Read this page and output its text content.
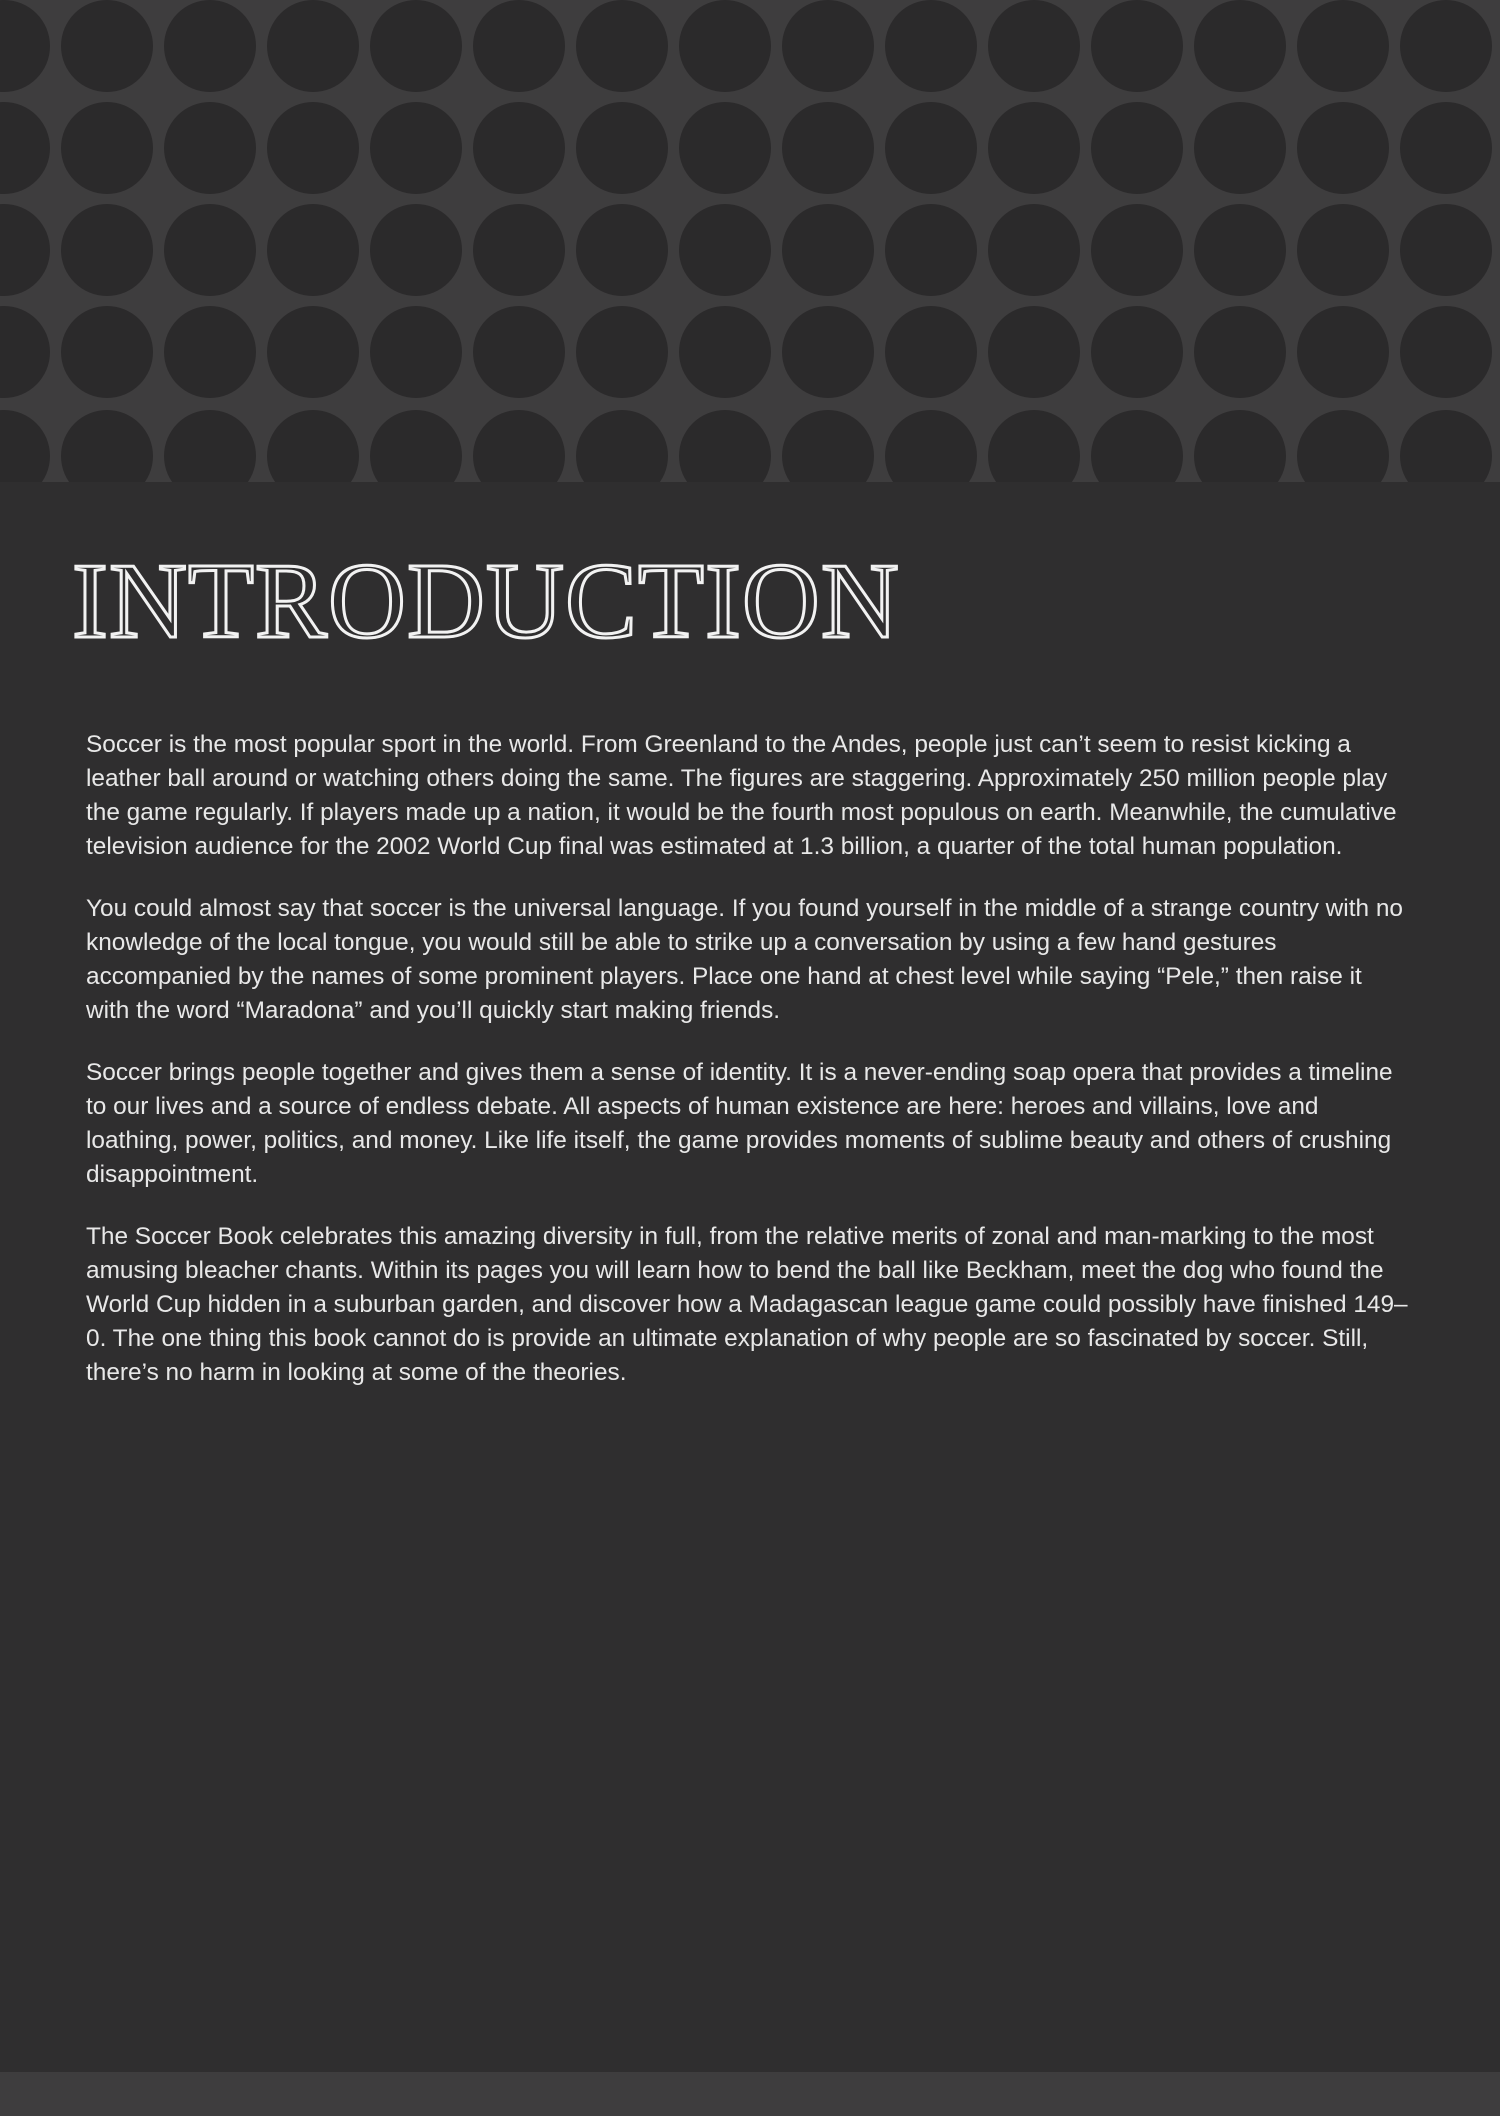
INTRODUCTION

Soccer is the most popular sport in the world. From Greenland to the Andes, people just can’t seem to resist kicking a leather ball around or watching others doing the same. The figures are staggering. Approximately 250 million people play the game regularly. If players made up a nation, it would be the fourth most populous on earth. Meanwhile, the cumulative television audience for the 2002 World Cup final was estimated at 1.3 billion, a quarter of the total human population.

You could almost say that soccer is the universal language. If you found yourself in the middle of a strange country with no knowledge of the local tongue, you would still be able to strike up a conversation by using a few hand gestures accompanied by the names of some prominent players. Place one hand at chest level while saying “Pele,” then raise it with the word “Maradona” and you’ll quickly start making friends.

Soccer brings people together and gives them a sense of identity. It is a never-ending soap opera that provides a timeline to our lives and a source of endless debate. All aspects of human existence are here: heroes and villains, love and loathing, power, politics, and money. Like life itself, the game provides moments of sublime beauty and others of crushing disappointment.

The Soccer Book celebrates this amazing diversity in full, from the relative merits of zonal and man-marking to the most amusing bleacher chants. Within its pages you will learn how to bend the ball like Beckham, meet the dog who found the World Cup hidden in a suburban garden, and discover how a Madagascan league game could possibly have finished 149–0. The one thing this book cannot do is provide an ultimate explanation of why people are so fascinated by soccer. Still, there’s no harm in looking at some of the theories.
